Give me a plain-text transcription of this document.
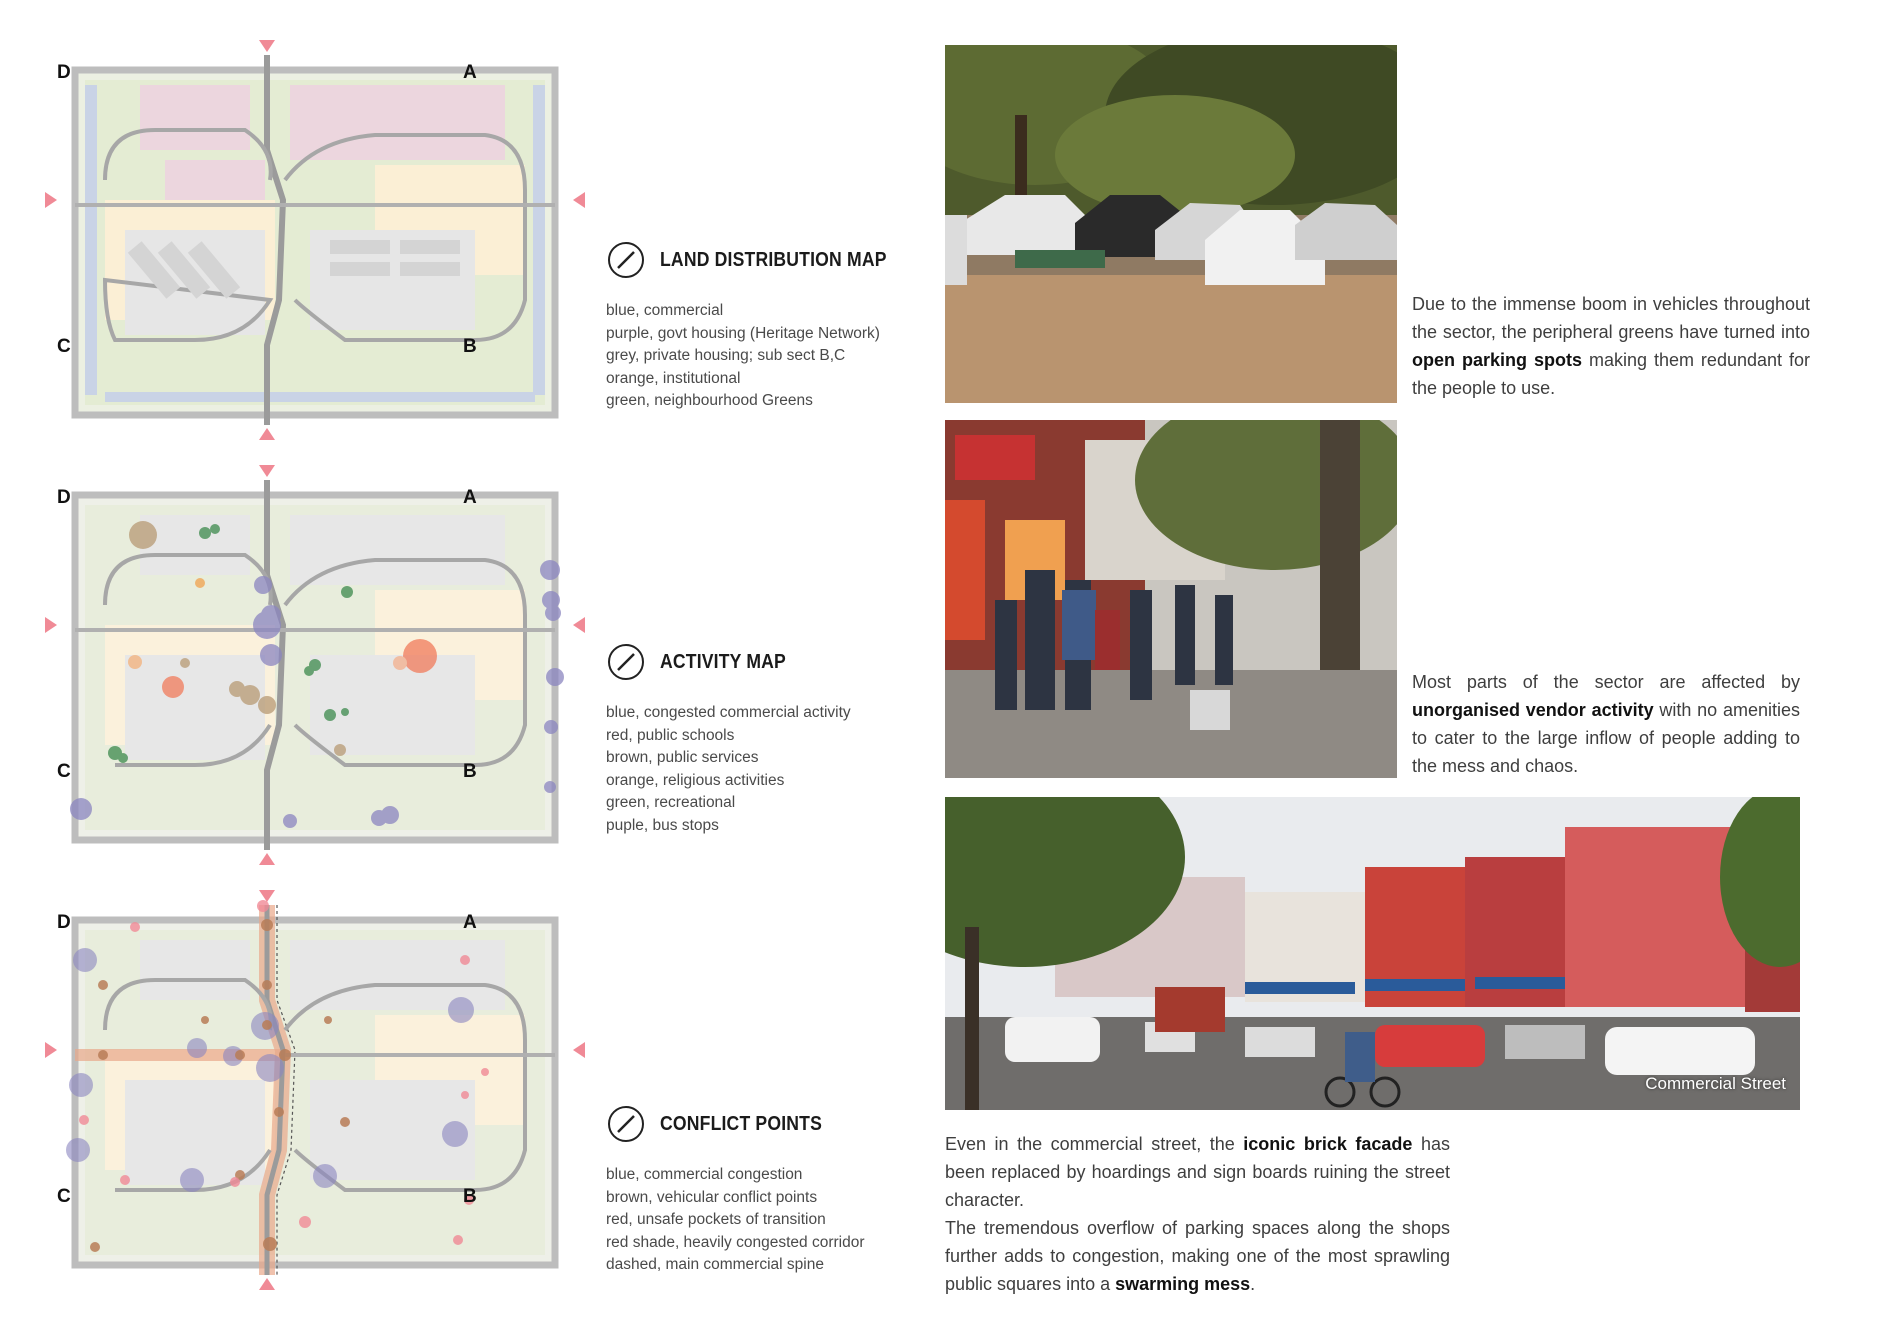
D	A
C	B
LAND DISTRIBUTION MAP
blue, commercial
purple, govt housing (Heritage Network)
grey, private housing; sub sect B,C
orange, institutional
green, neighbourhood Greens
D	A
C	B
ACTIVITY MAP
blue, congested commercial activity
red, public schools
brown, public services
orange, religious activities
green, recreational
puple, bus stops
D	A
C	B
CONFLICT POINTS
blue, commercial congestion
brown, vehicular conflict points
red, unsafe pockets of transition
red shade, heavily congested corridor
dashed, main commercial spine

Due to the immense boom in vehicles throughout the sector, the peripheral greens have turned into open parking spots making them redundant for the people to use.

Most parts of the sector are affected by unorganised vendor activity with no amenities to cater to the large inflow of people adding to the mess and chaos.

Commercial Street

Even in the commercial street, the iconic brick facade has been replaced by hoardings and sign boards ruining the street character.

The tremendous overflow of parking spaces along the shops further adds to congestion, making one of the most sprawling public squares into a swarming mess.
